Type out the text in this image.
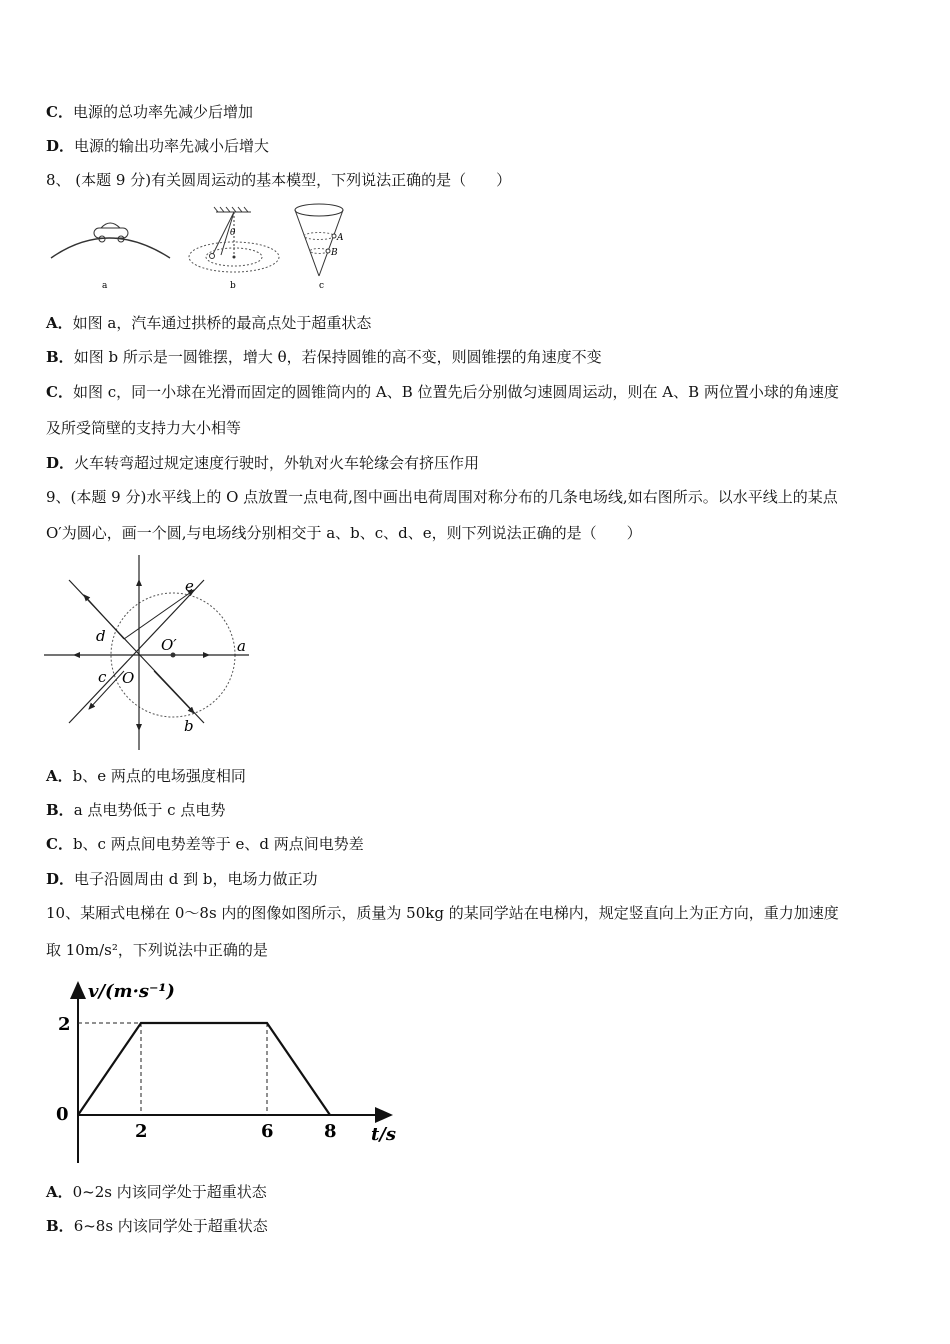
C．电源的总功率先减少后增加
D．电源的输出功率先减小后增大
8、 (本题 9 分)有关圆周运动的基本模型，下列说法正确的是（　　）
a
θ
b
A
B
c
A．如图 a，汽车通过拱桥的最高点处于超重状态
B．如图 b 所示是一圆锥摆，增大 θ，若保持圆锥的高不变，则圆锥摆的角速度不变
C．如图 c，同一小球在光滑而固定的圆锥筒内的 A、B 位置先后分别做匀速圆周运动，则在 A、B 两位置小球的角速度
及所受筒壁的支持力大小相等
D．火车转弯超过规定速度行驶时，外轨对火车轮缘会有挤压作用
9、(本题 9 分)水平线上的 O 点放置一点电荷,图中画出电荷周围对称分布的几条电场线,如右图所示。以水平线上的某点
O′为圆心，画一个圆,与电场线分别相交于 a、b、c、d、e，则下列说法正确的是（　　）
e
d	O′	a
c O
b
A．b、e 两点的电场强度相同
B．a 点电势低于 c 点电势
C．b、c 两点间电势差等于 e、d 两点间电势差
D．电子沿圆周由 d 到 b，电场力做正功
10、某厢式电梯在 0～8s 内的图像如图所示，质量为 50kg 的某同学站在电梯内，规定竖直向上为正方向，重力加速度
取 10m/s²，下列说法中正确的是
v/(m·s⁻¹)
t/s
0
2	6	8
2
A．0~2s 内该同学处于超重状态
B．6~8s 内该同学处于超重状态
